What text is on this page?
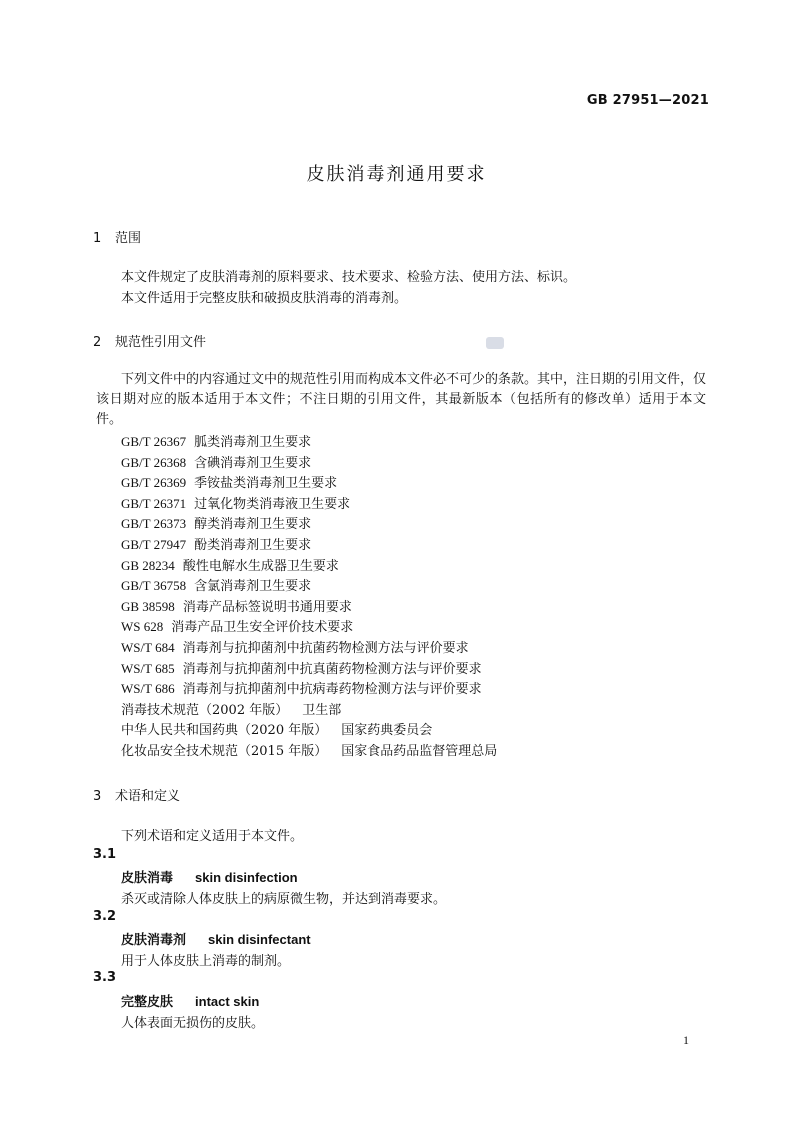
GB 27951—2021
皮肤消毒剂通用要求
1 范围
本文件规定了皮肤消毒剂的原料要求、技术要求、检验方法、使用方法、标识。
本文件适用于完整皮肤和破损皮肤消毒的消毒剂。
2 规范性引用文件
下列文件中的内容通过文中的规范性引用而构成本文件必不可少的条款。其中，注日期的引用文件，仅该日期对应的版本适用于本文件；不注日期的引用文件，其最新版本（包括所有的修改单）适用于本文件。
GB/T 26367 胍类消毒剂卫生要求
GB/T 26368 含碘消毒剂卫生要求
GB/T 26369 季铵盐类消毒剂卫生要求
GB/T 26371 过氧化物类消毒液卫生要求
GB/T 26373 醇类消毒剂卫生要求
GB/T 27947 酚类消毒剂卫生要求
GB 28234 酸性电解水生成器卫生要求
GB/T 36758 含氯消毒剂卫生要求
GB 38598 消毒产品标签说明书通用要求
WS 628 消毒产品卫生安全评价技术要求
WS/T 684 消毒剂与抗抑菌剂中抗菌药物检测方法与评价要求
WS/T 685 消毒剂与抗抑菌剂中抗真菌药物检测方法与评价要求
WS/T 686 消毒剂与抗抑菌剂中抗病毒药物检测方法与评价要求
消毒技术规范（2002 年版） 卫生部
中华人民共和国药典（2020 年版） 国家药典委员会
化妆品安全技术规范（2015 年版） 国家食品药品监督管理总局
3 术语和定义
下列术语和定义适用于本文件。
3.1
皮肤消毒 skin disinfection
杀灭或清除人体皮肤上的病原微生物，并达到消毒要求。
3.2
皮肤消毒剂 skin disinfectant
用于人体皮肤上消毒的制剂。
3.3
完整皮肤 intact skin
人体表面无损伤的皮肤。
1
